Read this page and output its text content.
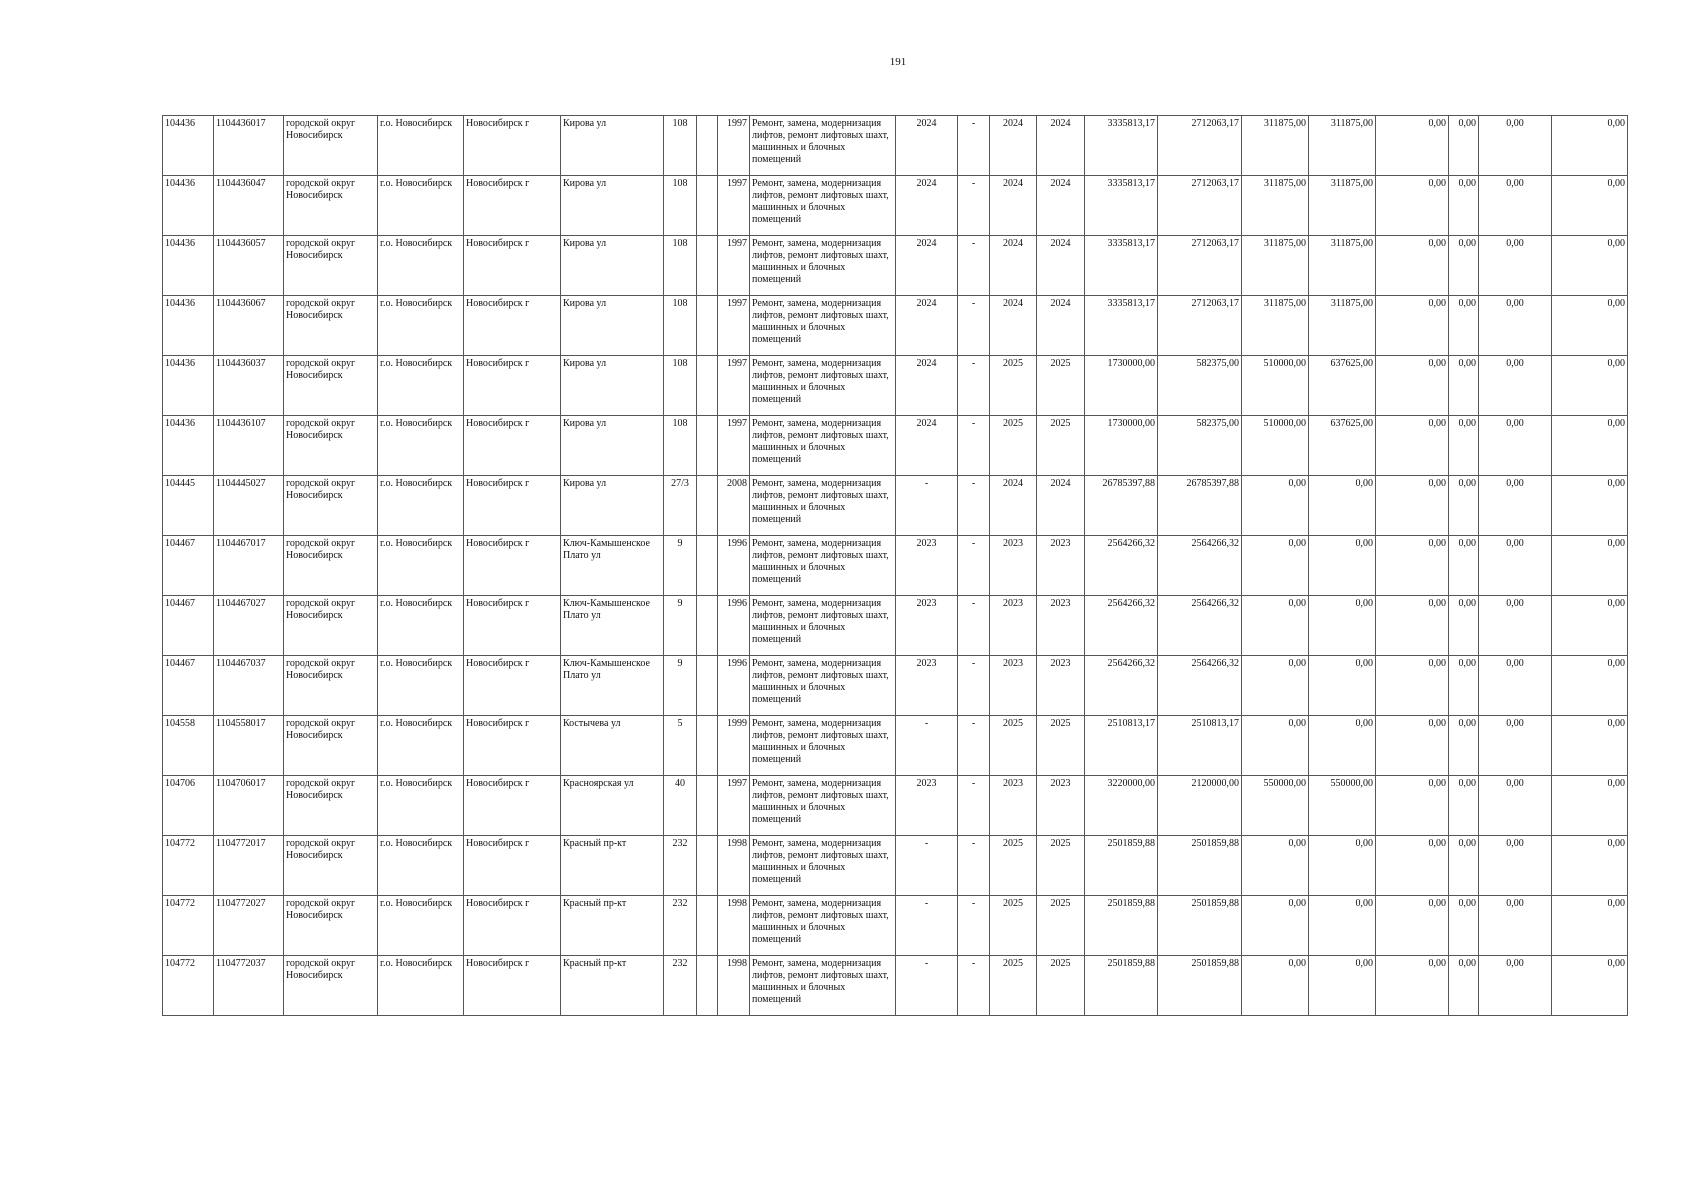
191
104436	1104436017	городской округ Новосибирск	г.о. Новосибирск	Новосибирск г	Кирова ул	108		1997	Ремонт, замена, модернизация лифтов, ремонт лифтовых шахт, машинных и блочных помещений	2024	-	2024	2024	3335813,17	2712063,17	311875,00	311875,00	0,00	0,00	0,00	0,00
104436	1104436047	городской округ Новосибирск	г.о. Новосибирск	Новосибирск г	Кирова ул	108		1997	Ремонт, замена, модернизация лифтов, ремонт лифтовых шахт, машинных и блочных помещений	2024	-	2024	2024	3335813,17	2712063,17	311875,00	311875,00	0,00	0,00	0,00	0,00
104436	1104436057	городской округ Новосибирск	г.о. Новосибирск	Новосибирск г	Кирова ул	108		1997	Ремонт, замена, модернизация лифтов, ремонт лифтовых шахт, машинных и блочных помещений	2024	-	2024	2024	3335813,17	2712063,17	311875,00	311875,00	0,00	0,00	0,00	0,00
104436	1104436067	городской округ Новосибирск	г.о. Новосибирск	Новосибирск г	Кирова ул	108		1997	Ремонт, замена, модернизация лифтов, ремонт лифтовых шахт, машинных и блочных помещений	2024	-	2024	2024	3335813,17	2712063,17	311875,00	311875,00	0,00	0,00	0,00	0,00
104436	1104436037	городской округ Новосибирск	г.о. Новосибирск	Новосибирск г	Кирова ул	108		1997	Ремонт, замена, модернизация лифтов, ремонт лифтовых шахт, машинных и блочных помещений	2024	-	2025	2025	1730000,00	582375,00	510000,00	637625,00	0,00	0,00	0,00	0,00
104436	1104436107	городской округ Новосибирск	г.о. Новосибирск	Новосибирск г	Кирова ул	108		1997	Ремонт, замена, модернизация лифтов, ремонт лифтовых шахт, машинных и блочных помещений	2024	-	2025	2025	1730000,00	582375,00	510000,00	637625,00	0,00	0,00	0,00	0,00
104445	1104445027	городской округ Новосибирск	г.о. Новосибирск	Новосибирск г	Кирова ул	27/3		2008	Ремонт, замена, модернизация лифтов, ремонт лифтовых шахт, машинных и блочных помещений	-	-	2024	2024	26785397,88	26785397,88	0,00	0,00	0,00	0,00	0,00	0,00
104467	1104467017	городской округ Новосибирск	г.о. Новосибирск	Новосибирск г	Ключ-Камышенское Плато ул	9		1996	Ремонт, замена, модернизация лифтов, ремонт лифтовых шахт, машинных и блочных помещений	2023	-	2023	2023	2564266,32	2564266,32	0,00	0,00	0,00	0,00	0,00	0,00
104467	1104467027	городской округ Новосибирск	г.о. Новосибирск	Новосибирск г	Ключ-Камышенское Плато ул	9		1996	Ремонт, замена, модернизация лифтов, ремонт лифтовых шахт, машинных и блочных помещений	2023	-	2023	2023	2564266,32	2564266,32	0,00	0,00	0,00	0,00	0,00	0,00
104467	1104467037	городской округ Новосибирск	г.о. Новосибирск	Новосибирск г	Ключ-Камышенское Плато ул	9		1996	Ремонт, замена, модернизация лифтов, ремонт лифтовых шахт, машинных и блочных помещений	2023	-	2023	2023	2564266,32	2564266,32	0,00	0,00	0,00	0,00	0,00	0,00
104558	1104558017	городской округ Новосибирск	г.о. Новосибирск	Новосибирск г	Костычева ул	5		1999	Ремонт, замена, модернизация лифтов, ремонт лифтовых шахт, машинных и блочных помещений	-	-	2025	2025	2510813,17	2510813,17	0,00	0,00	0,00	0,00	0,00	0,00
104706	1104706017	городской округ Новосибирск	г.о. Новосибирск	Новосибирск г	Красноярская ул	40		1997	Ремонт, замена, модернизация лифтов, ремонт лифтовых шахт, машинных и блочных помещений	2023	-	2023	2023	3220000,00	2120000,00	550000,00	550000,00	0,00	0,00	0,00	0,00
104772	1104772017	городской округ Новосибирск	г.о. Новосибирск	Новосибирск г	Красный пр-кт	232		1998	Ремонт, замена, модернизация лифтов, ремонт лифтовых шахт, машинных и блочных помещений	-	-	2025	2025	2501859,88	2501859,88	0,00	0,00	0,00	0,00	0,00	0,00
104772	1104772027	городской округ Новосибирск	г.о. Новосибирск	Новосибирск г	Красный пр-кт	232		1998	Ремонт, замена, модернизация лифтов, ремонт лифтовых шахт, машинных и блочных помещений	-	-	2025	2025	2501859,88	2501859,88	0,00	0,00	0,00	0,00	0,00	0,00
104772	1104772037	городской округ Новосибирск	г.о. Новосибирск	Новосибирск г	Красный пр-кт	232		1998	Ремонт, замена, модернизация лифтов, ремонт лифтовых шахт, машинных и блочных помещений	-	-	2025	2025	2501859,88	2501859,88	0,00	0,00	0,00	0,00	0,00	0,00
